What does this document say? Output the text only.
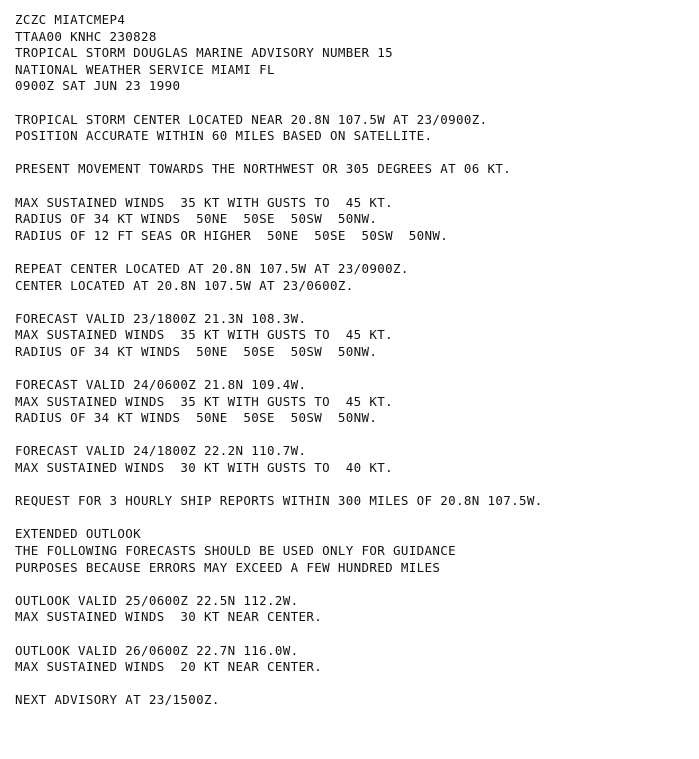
ZCZC MIATCMEP4
TTAA00 KNHC 230828
TROPICAL STORM DOUGLAS MARINE ADVISORY NUMBER 15
NATIONAL WEATHER SERVICE MIAMI FL
0900Z SAT JUN 23 1990
TROPICAL STORM CENTER LOCATED NEAR 20.8N 107.5W AT 23/0900Z.
POSITION ACCURATE WITHIN 60 MILES BASED ON SATELLITE.
PRESENT MOVEMENT TOWARDS THE NORTHWEST OR 305 DEGREES AT 06 KT.
MAX SUSTAINED WINDS  35 KT WITH GUSTS TO  45 KT.
RADIUS OF 34 KT WINDS  50NE  50SE  50SW  50NW.
RADIUS OF 12 FT SEAS OR HIGHER  50NE  50SE  50SW  50NW.
REPEAT CENTER LOCATED AT 20.8N 107.5W AT 23/0900Z.
CENTER LOCATED AT 20.8N 107.5W AT 23/0600Z.
FORECAST VALID 23/1800Z 21.3N 108.3W.
MAX SUSTAINED WINDS  35 KT WITH GUSTS TO  45 KT.
RADIUS OF 34 KT WINDS  50NE  50SE  50SW  50NW.
FORECAST VALID 24/0600Z 21.8N 109.4W.
MAX SUSTAINED WINDS  35 KT WITH GUSTS TO  45 KT.
RADIUS OF 34 KT WINDS  50NE  50SE  50SW  50NW.
FORECAST VALID 24/1800Z 22.2N 110.7W.
MAX SUSTAINED WINDS  30 KT WITH GUSTS TO  40 KT.
REQUEST FOR 3 HOURLY SHIP REPORTS WITHIN 300 MILES OF 20.8N 107.5W.
EXTENDED OUTLOOK
THE FOLLOWING FORECASTS SHOULD BE USED ONLY FOR GUIDANCE
PURPOSES BECAUSE ERRORS MAY EXCEED A FEW HUNDRED MILES
OUTLOOK VALID 25/0600Z 22.5N 112.2W.
MAX SUSTAINED WINDS  30 KT NEAR CENTER.
OUTLOOK VALID 26/0600Z 22.7N 116.0W.
MAX SUSTAINED WINDS  20 KT NEAR CENTER.
NEXT ADVISORY AT 23/1500Z.
